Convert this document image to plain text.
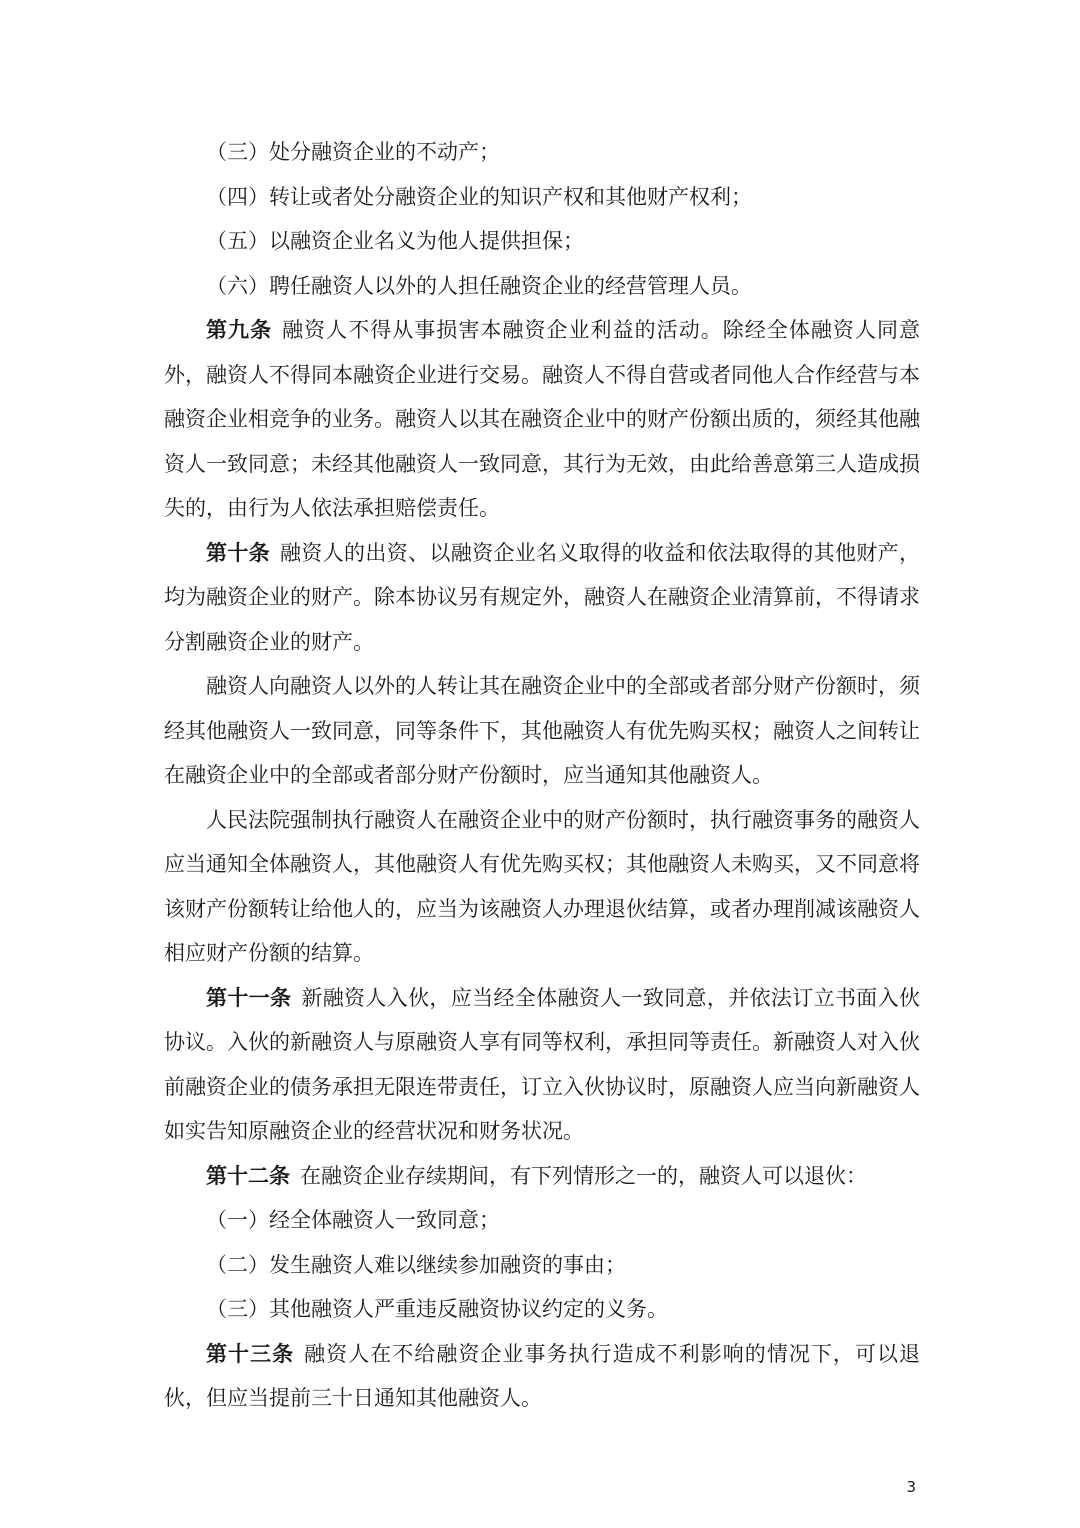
（三）处分融资企业的不动产；

（四）转让或者处分融资企业的知识产权和其他财产权利；

（五）以融资企业名义为他人提供担保；

（六）聘任融资人以外的人担任融资企业的经营管理人员。

第九条 融资人不得从事损害本融资企业利益的活动。除经全体融资人同意外，融资人不得同本融资企业进行交易。融资人不得自营或者同他人合作经营与本融资企业相竞争的业务。融资人以其在融资企业中的财产份额出质的，须经其他融资人一致同意；未经其他融资人一致同意，其行为无效，由此给善意第三人造成损失的，由行为人依法承担赔偿责任。

第十条 融资人的出资、以融资企业名义取得的收益和依法取得的其他财产，均为融资企业的财产。除本协议另有规定外，融资人在融资企业清算前，不得请求分割融资企业的财产。

融资人向融资人以外的人转让其在融资企业中的全部或者部分财产份额时，须经其他融资人一致同意，同等条件下，其他融资人有优先购买权；融资人之间转让在融资企业中的全部或者部分财产份额时，应当通知其他融资人。

人民法院强制执行融资人在融资企业中的财产份额时，执行融资事务的融资人应当通知全体融资人，其他融资人有优先购买权；其他融资人未购买，又不同意将该财产份额转让给他人的，应当为该融资人办理退伙结算，或者办理削减该融资人相应财产份额的结算。

第十一条 新融资人入伙，应当经全体融资人一致同意，并依法订立书面入伙协议。入伙的新融资人与原融资人享有同等权利，承担同等责任。新融资人对入伙前融资企业的债务承担无限连带责任，订立入伙协议时，原融资人应当向新融资人如实告知原融资企业的经营状况和财务状况。

第十二条 在融资企业存续期间，有下列情形之一的，融资人可以退伙：

（一）经全体融资人一致同意；

（二）发生融资人难以继续参加融资的事由；

（三）其他融资人严重违反融资协议约定的义务。

第十三条 融资人在不给融资企业事务执行造成不利影响的情况下，可以退伙，但应当提前三十日通知其他融资人。

3
